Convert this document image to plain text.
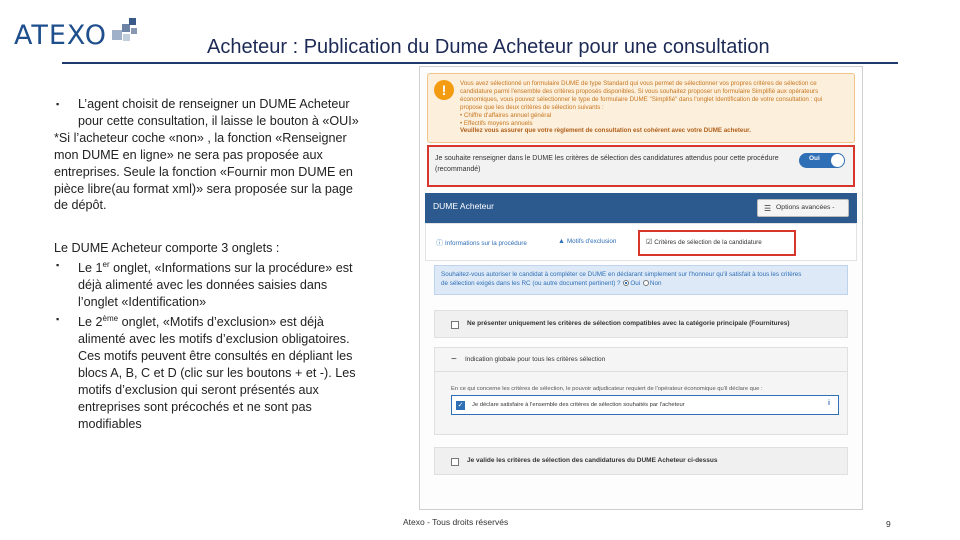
ATEXO	Acheteur : Publication du Dume Acheteur pour une consultation
▪ L’agent choisit de renseigner un DUME Acheteur pour cette consultation, il laisse le bouton à «OUI»

*Si l’acheteur coche «non» , la fonction «Renseigner mon DUME en ligne» ne sera pas proposée aux entreprises. Seule la fonction «Fournir mon DUME en pièce libre(au format xml)» sera proposée sur la page de dépôt.

Le DUME Acheteur comporte 3 onglets :

▪ Le 1er onglet, «Informations sur la procédure» est déjà alimenté avec les données saisies dans l’onglet «Identification»
▪ Le 2ème onglet, «Motifs d’exclusion» est déjà alimenté avec les motifs d’exclusion obligatoires. Ces motifs peuvent être consultés en dépliant les blocs A, B, C et D (clic sur les boutons + et -). Les motifs d’exclusion qui seront présentés aux entreprises sont précochés et ne sont pas modifiables
!	Vous avez sélectionné un formulaire DUME de type Standard qui vous permet de sélectionner vos propres critères de sélection ce
candidature parmi l'ensemble des critères proposés disponibles. Si vous souhaitez proposer un formulaire Simplifié aux opérateurs
économiques, vous pouvez sélectionner le type de formulaire DUME "Simplifié" dans l'onglet Identification de votre consultation : qui
propose que les deux critères de sélection suivants :
• Chiffre d'affaires annuel général
• Effectifs moyens annuels
Veuillez vous assurer que votre règlement de consultation est cohérent avec votre DUME acheteur.
Je souhaite renseigner dans le DUME les critères de sélection des candidatures attendus pour cette procédure (recommandé)
Oui
DUME Acheteur	☰ Options avancées -
ⓘ Informations sur la procédure	▲ Motifs d'exclusion	☑ Critères de sélection de la candidature
Souhaitez-vous autoriser le candidat à compléter ce DUME en déclarant simplement sur l'honneur qu'il satisfait à tous les critères
de sélection exigés dans les RC (ou autre document pertinent) ? Oui Non
Ne présenter uniquement les critères de sélection compatibles avec la catégorie principale (Fournitures)
− Indication globale pour tous les critères sélection
En ce qui concerne les critères de sélection, le pouvoir adjudicateur requiert de l'opérateur économique qu'il déclare que :
✓ Je déclare satisfaire à l'ensemble des critères de sélection souhaités par l'acheteur	i
Je valide les critères de sélection des candidatures du DUME Acheteur ci-dessus
Atexo - Tous droits réservés	9
